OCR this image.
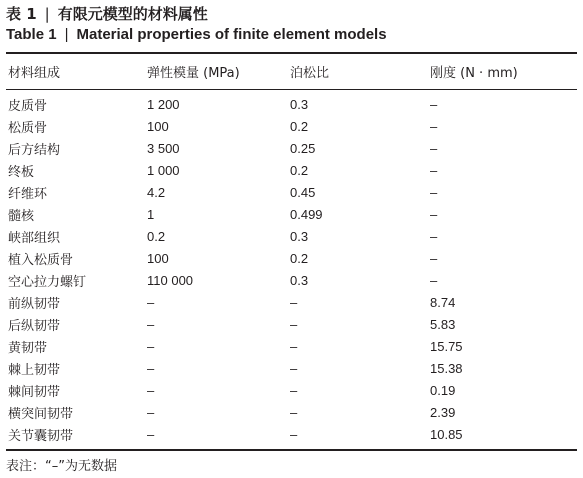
表 1 | 有限元模型的材料属性
Table 1 | Material properties of finite element models
材料组成	弹性模量 (MPa)	泊松比	刚度 (N · mm)
皮质骨	1 200	0.3	–
松质骨	100	0.2	–
后方结构	3 500	0.25	–
终板	1 000	0.2	–
纤维环	4.2	0.45	–
髓核	1	0.499	–
峡部组织	0.2	0.3	–
植入松质骨	100	0.2	–
空心拉力螺钉	110 000	0.3	–
前纵韧带	–	–	8.74
后纵韧带	–	–	5.83
黄韧带	–	–	15.75
棘上韧带	–	–	15.38
棘间韧带	–	–	0.19
横突间韧带	–	–	2.39
关节囊韧带	–	–	10.85
表注：“–”为无数据
